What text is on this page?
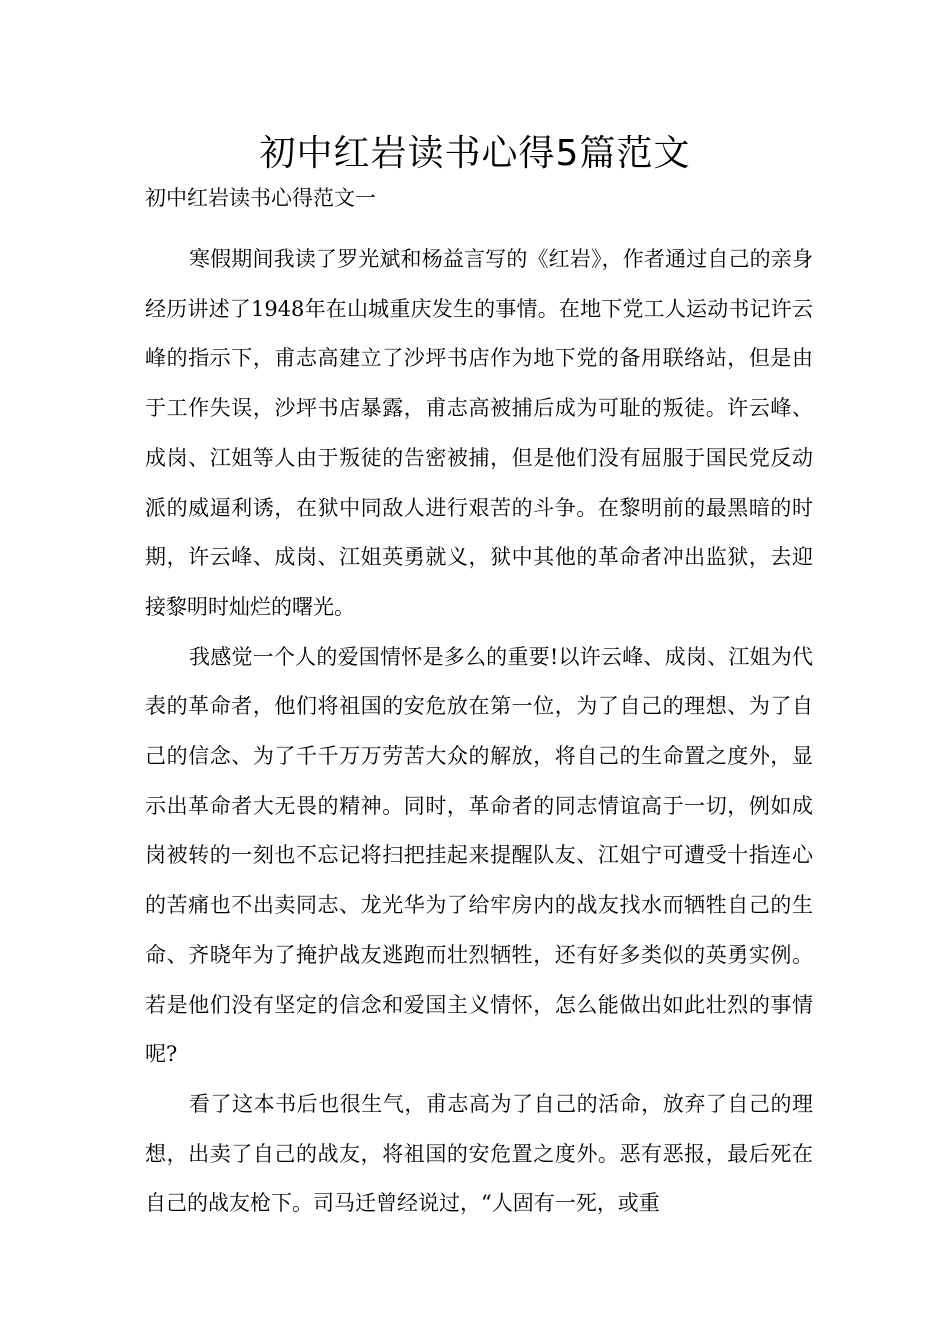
初中红岩读书心得5篇范文
初中红岩读书心得范文一

寒假期间我读了罗光斌和杨益言写的《红岩》，作者通过自己的亲身经历讲述了1948年在山城重庆发生的事情。在地下党工人运动书记许云峰的指示下，甫志高建立了沙坪书店作为地下党的备用联络站，但是由于工作失误，沙坪书店暴露，甫志高被捕后成为可耻的叛徒。许云峰、成岗、江姐等人由于叛徒的告密被捕，但是他们没有屈服于国民党反动派的威逼利诱，在狱中同敌人进行艰苦的斗争。在黎明前的最黑暗的时期，许云峰、成岗、江姐英勇就义，狱中其他的革命者冲出监狱，去迎接黎明时灿烂的曙光。

我感觉一个人的爱国情怀是多么的重要!以许云峰、成岗、江姐为代表的革命者，他们将祖国的安危放在第一位，为了自己的理想、为了自己的信念、为了千千万万劳苦大众的解放，将自己的生命置之度外，显示出革命者大无畏的精神。同时，革命者的同志情谊高于一切，例如成岗被转的一刻也不忘记将扫把挂起来提醒队友、江姐宁可遭受十指连心的苦痛也不出卖同志、龙光华为了给牢房内的战友找水而牺牲自己的生命、齐晓年为了掩护战友逃跑而壮烈牺牲，还有好多类似的英勇实例。若是他们没有坚定的信念和爱国主义情怀，怎么能做出如此壮烈的事情呢?

看了这本书后也很生气，甫志高为了自己的活命，放弃了自己的理想，出卖了自己的战友，将祖国的安危置之度外。恶有恶报，最后死在自己的战友枪下。司马迁曾经说过，“人固有一死，或重
